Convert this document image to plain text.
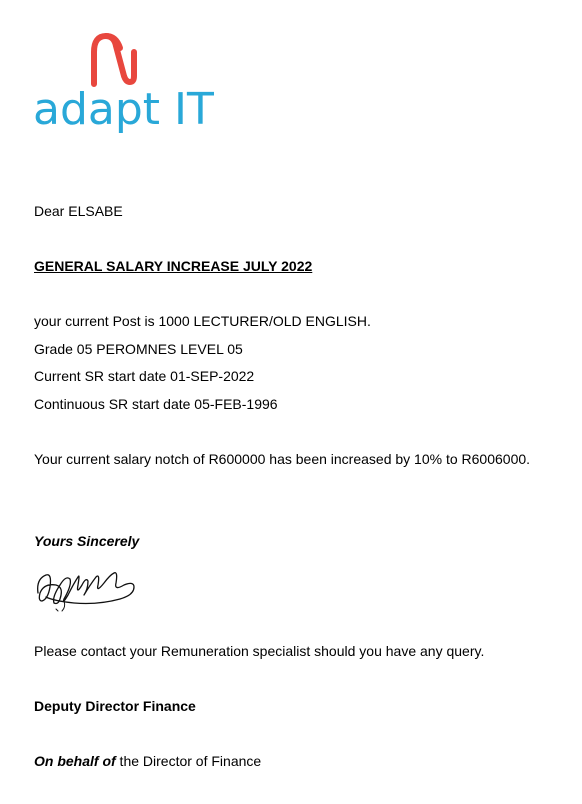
adapt IT
Dear ELSABE
GENERAL SALARY INCREASE JULY 2022
your current Post is 1000 LECTURER/OLD ENGLISH.
Grade 05 PEROMNES LEVEL 05
Current SR start date 01-SEP-2022
Continuous SR start date 05-FEB-1996
Your current salary notch of R600000 has been increased by 10% to R6006000.
Yours Sincerely
Please contact your Remuneration specialist should you have any query.
Deputy Director Finance
On behalf of the Director of Finance
